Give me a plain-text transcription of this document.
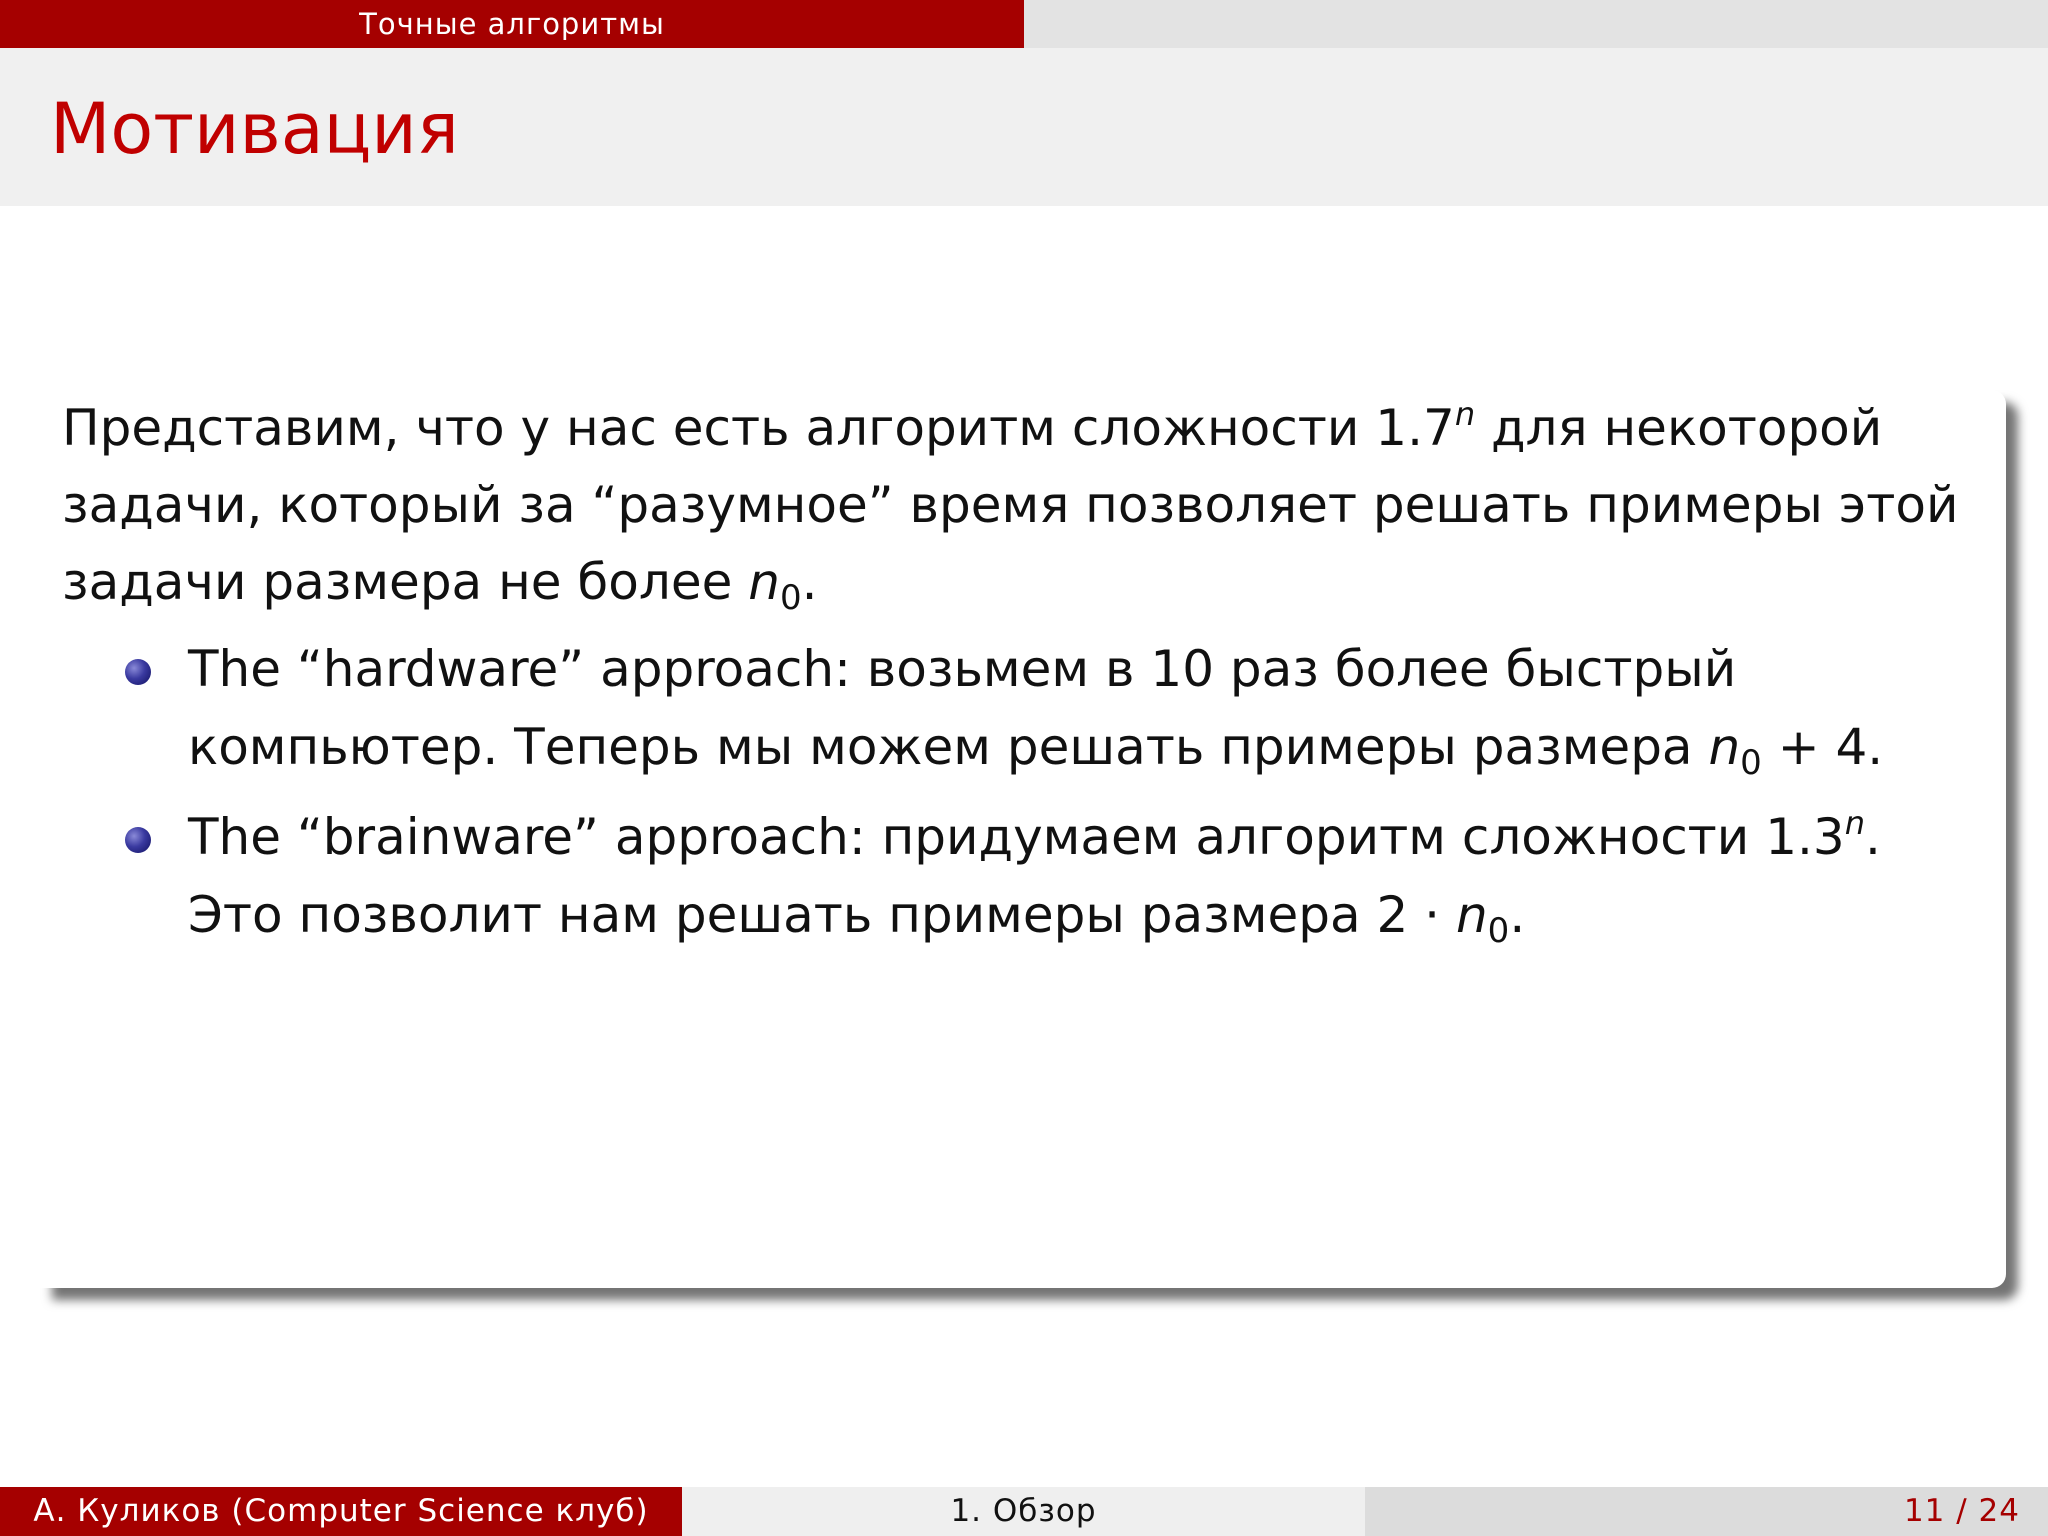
Точные алгоритмы
Мотивация

Представим, что у нас есть алгоритм сложности 1.7$^n$ для некоторой задачи, который за “разумное” время позволяет решать примеры этой задачи размера не более $n_0$.

The “hardware” approach: возьмем в 10 раз более быстрый компьютер. Теперь мы можем решать примеры размера $n_0 + 4$.
The “brainware” approach: придумаем алгоритм сложности 1.3$^n$. Это позволит нам решать примеры размера $2 \cdot n_0$.
А. Куликов (Computer Science клуб)	1. Обзор	11 / 24
